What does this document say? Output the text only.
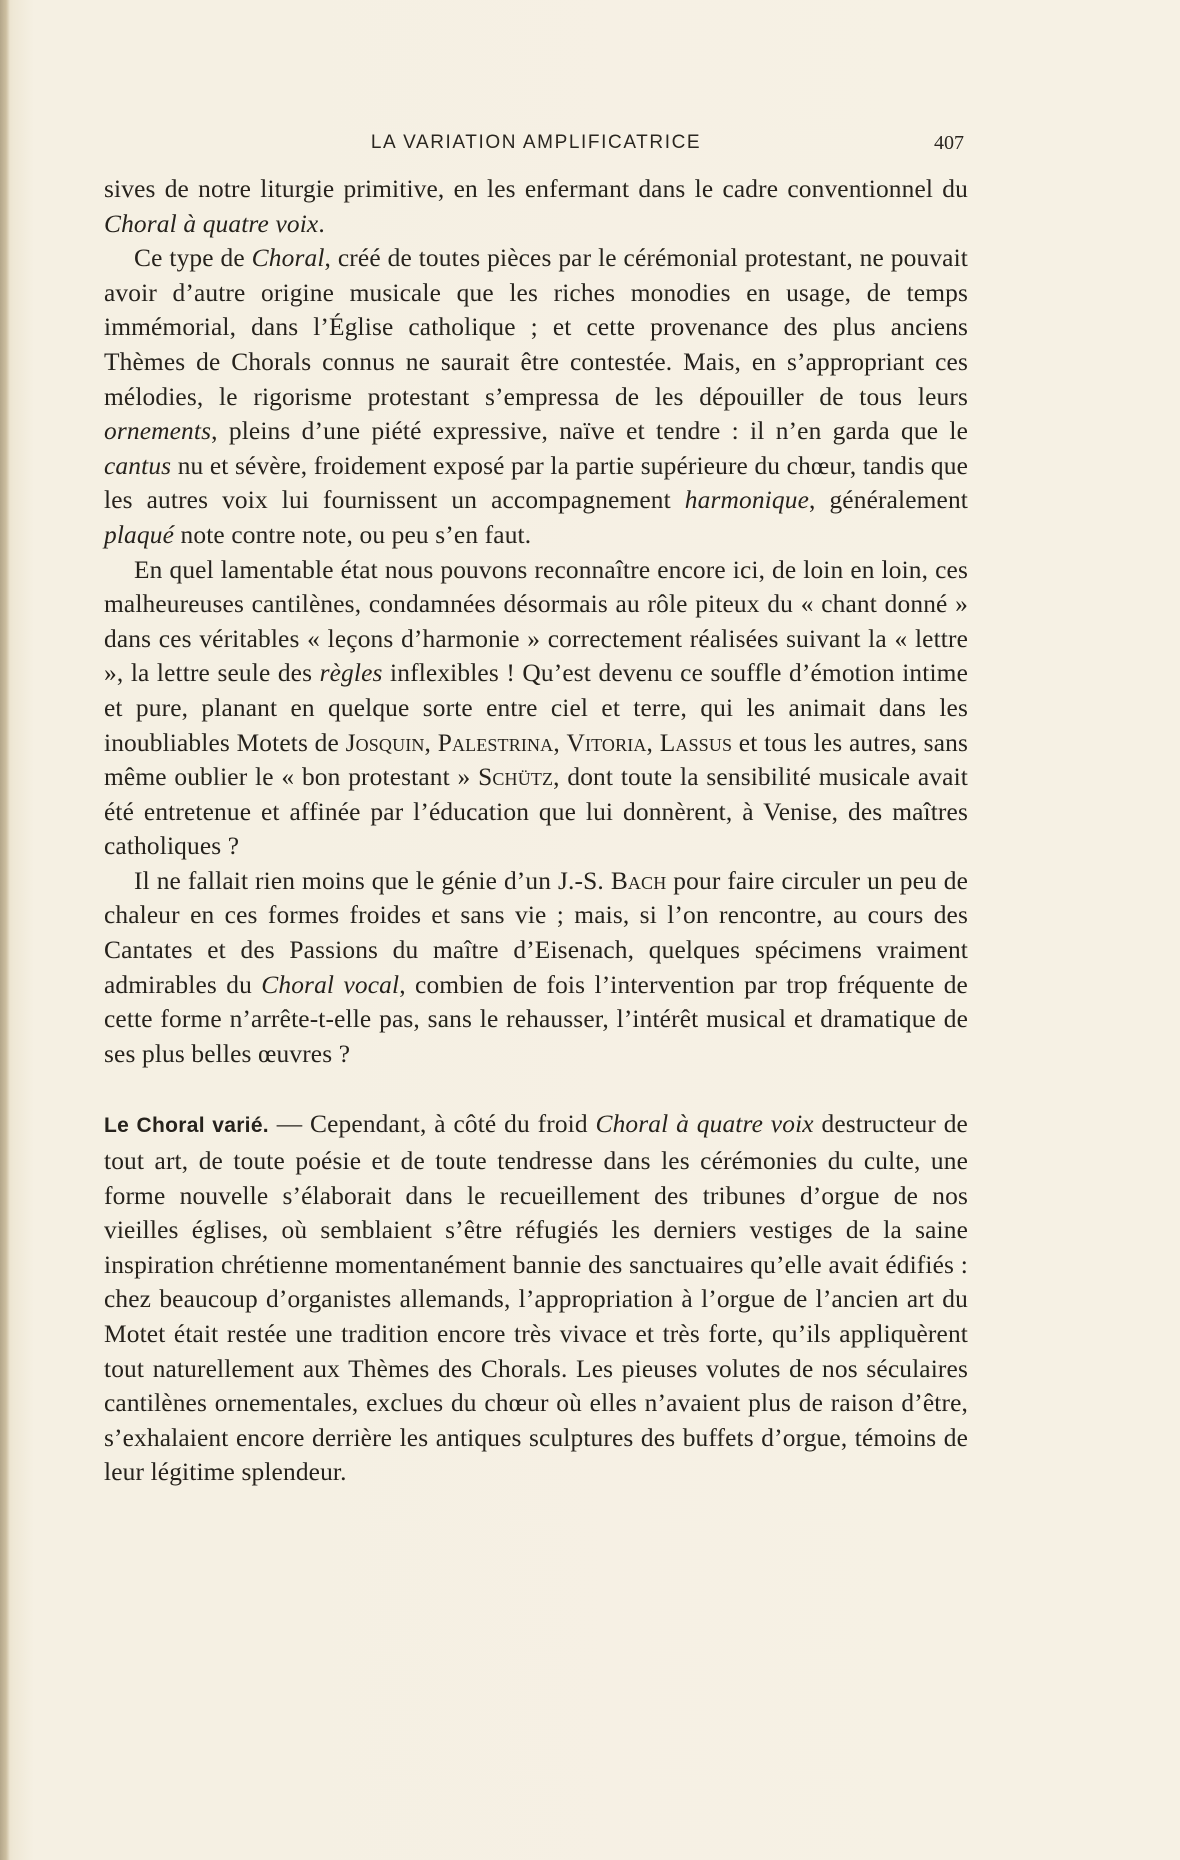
LA VARIATION AMPLIFICATRICE	407

sives de notre liturgie primitive, en les enfermant dans le cadre conventionnel du Choral à quatre voix.

Ce type de Choral, créé de toutes pièces par le cérémonial protestant, ne pouvait avoir d’autre origine musicale que les riches monodies en usage, de temps immémorial, dans l’Église catholique ; et cette provenance des plus anciens Thèmes de Chorals connus ne saurait être contestée. Mais, en s’appropriant ces mélodies, le rigorisme protestant s’empressa de les dépouiller de tous leurs ornements, pleins d’une piété expressive, naïve et tendre : il n’en garda que le cantus nu et sévère, froidement exposé par la partie supérieure du chœur, tandis que les autres voix lui fournissent un accompagnement harmonique, généralement plaqué note contre note, ou peu s’en faut.

En quel lamentable état nous pouvons reconnaître encore ici, de loin en loin, ces malheureuses cantilènes, condamnées désormais au rôle piteux du « chant donné » dans ces véritables « leçons d’harmonie » correctement réalisées suivant la « lettre », la lettre seule des règles inflexibles ! Qu’est devenu ce souffle d’émotion intime et pure, planant en quelque sorte entre ciel et terre, qui les animait dans les inoubliables Motets de Josquin, Palestrina, Vitoria, Lassus et tous les autres, sans même oublier le « bon protestant » Schütz, dont toute la sensibilité musicale avait été entretenue et affinée par l’éducation que lui donnèrent, à Venise, des maîtres catholiques ?

Il ne fallait rien moins que le génie d’un J.-S. Bach pour faire circuler un peu de chaleur en ces formes froides et sans vie ; mais, si l’on rencontre, au cours des Cantates et des Passions du maître d’Eisenach, quelques spécimens vraiment admirables du Choral vocal, combien de fois l’intervention par trop fréquente de cette forme n’arrête-t-elle pas, sans le rehausser, l’intérêt musical et dramatique de ses plus belles œuvres ?

Le Choral varié. — Cependant, à côté du froid Choral à quatre voix destructeur de tout art, de toute poésie et de toute tendresse dans les cérémonies du culte, une forme nouvelle s’élaborait dans le recueillement des tribunes d’orgue de nos vieilles églises, où semblaient s’être réfugiés les derniers vestiges de la saine inspiration chrétienne momentanément bannie des sanctuaires qu’elle avait édifiés : chez beaucoup d’organistes allemands, l’appropriation à l’orgue de l’ancien art du Motet était restée une tradition encore très vivace et très forte, qu’ils appliquèrent tout naturellement aux Thèmes des Chorals. Les pieuses volutes de nos séculaires cantilènes ornementales, exclues du chœur où elles n’avaient plus de raison d’être, s’exhalaient encore derrière les antiques sculptures des buffets d’orgue, témoins de leur légitime splendeur.
